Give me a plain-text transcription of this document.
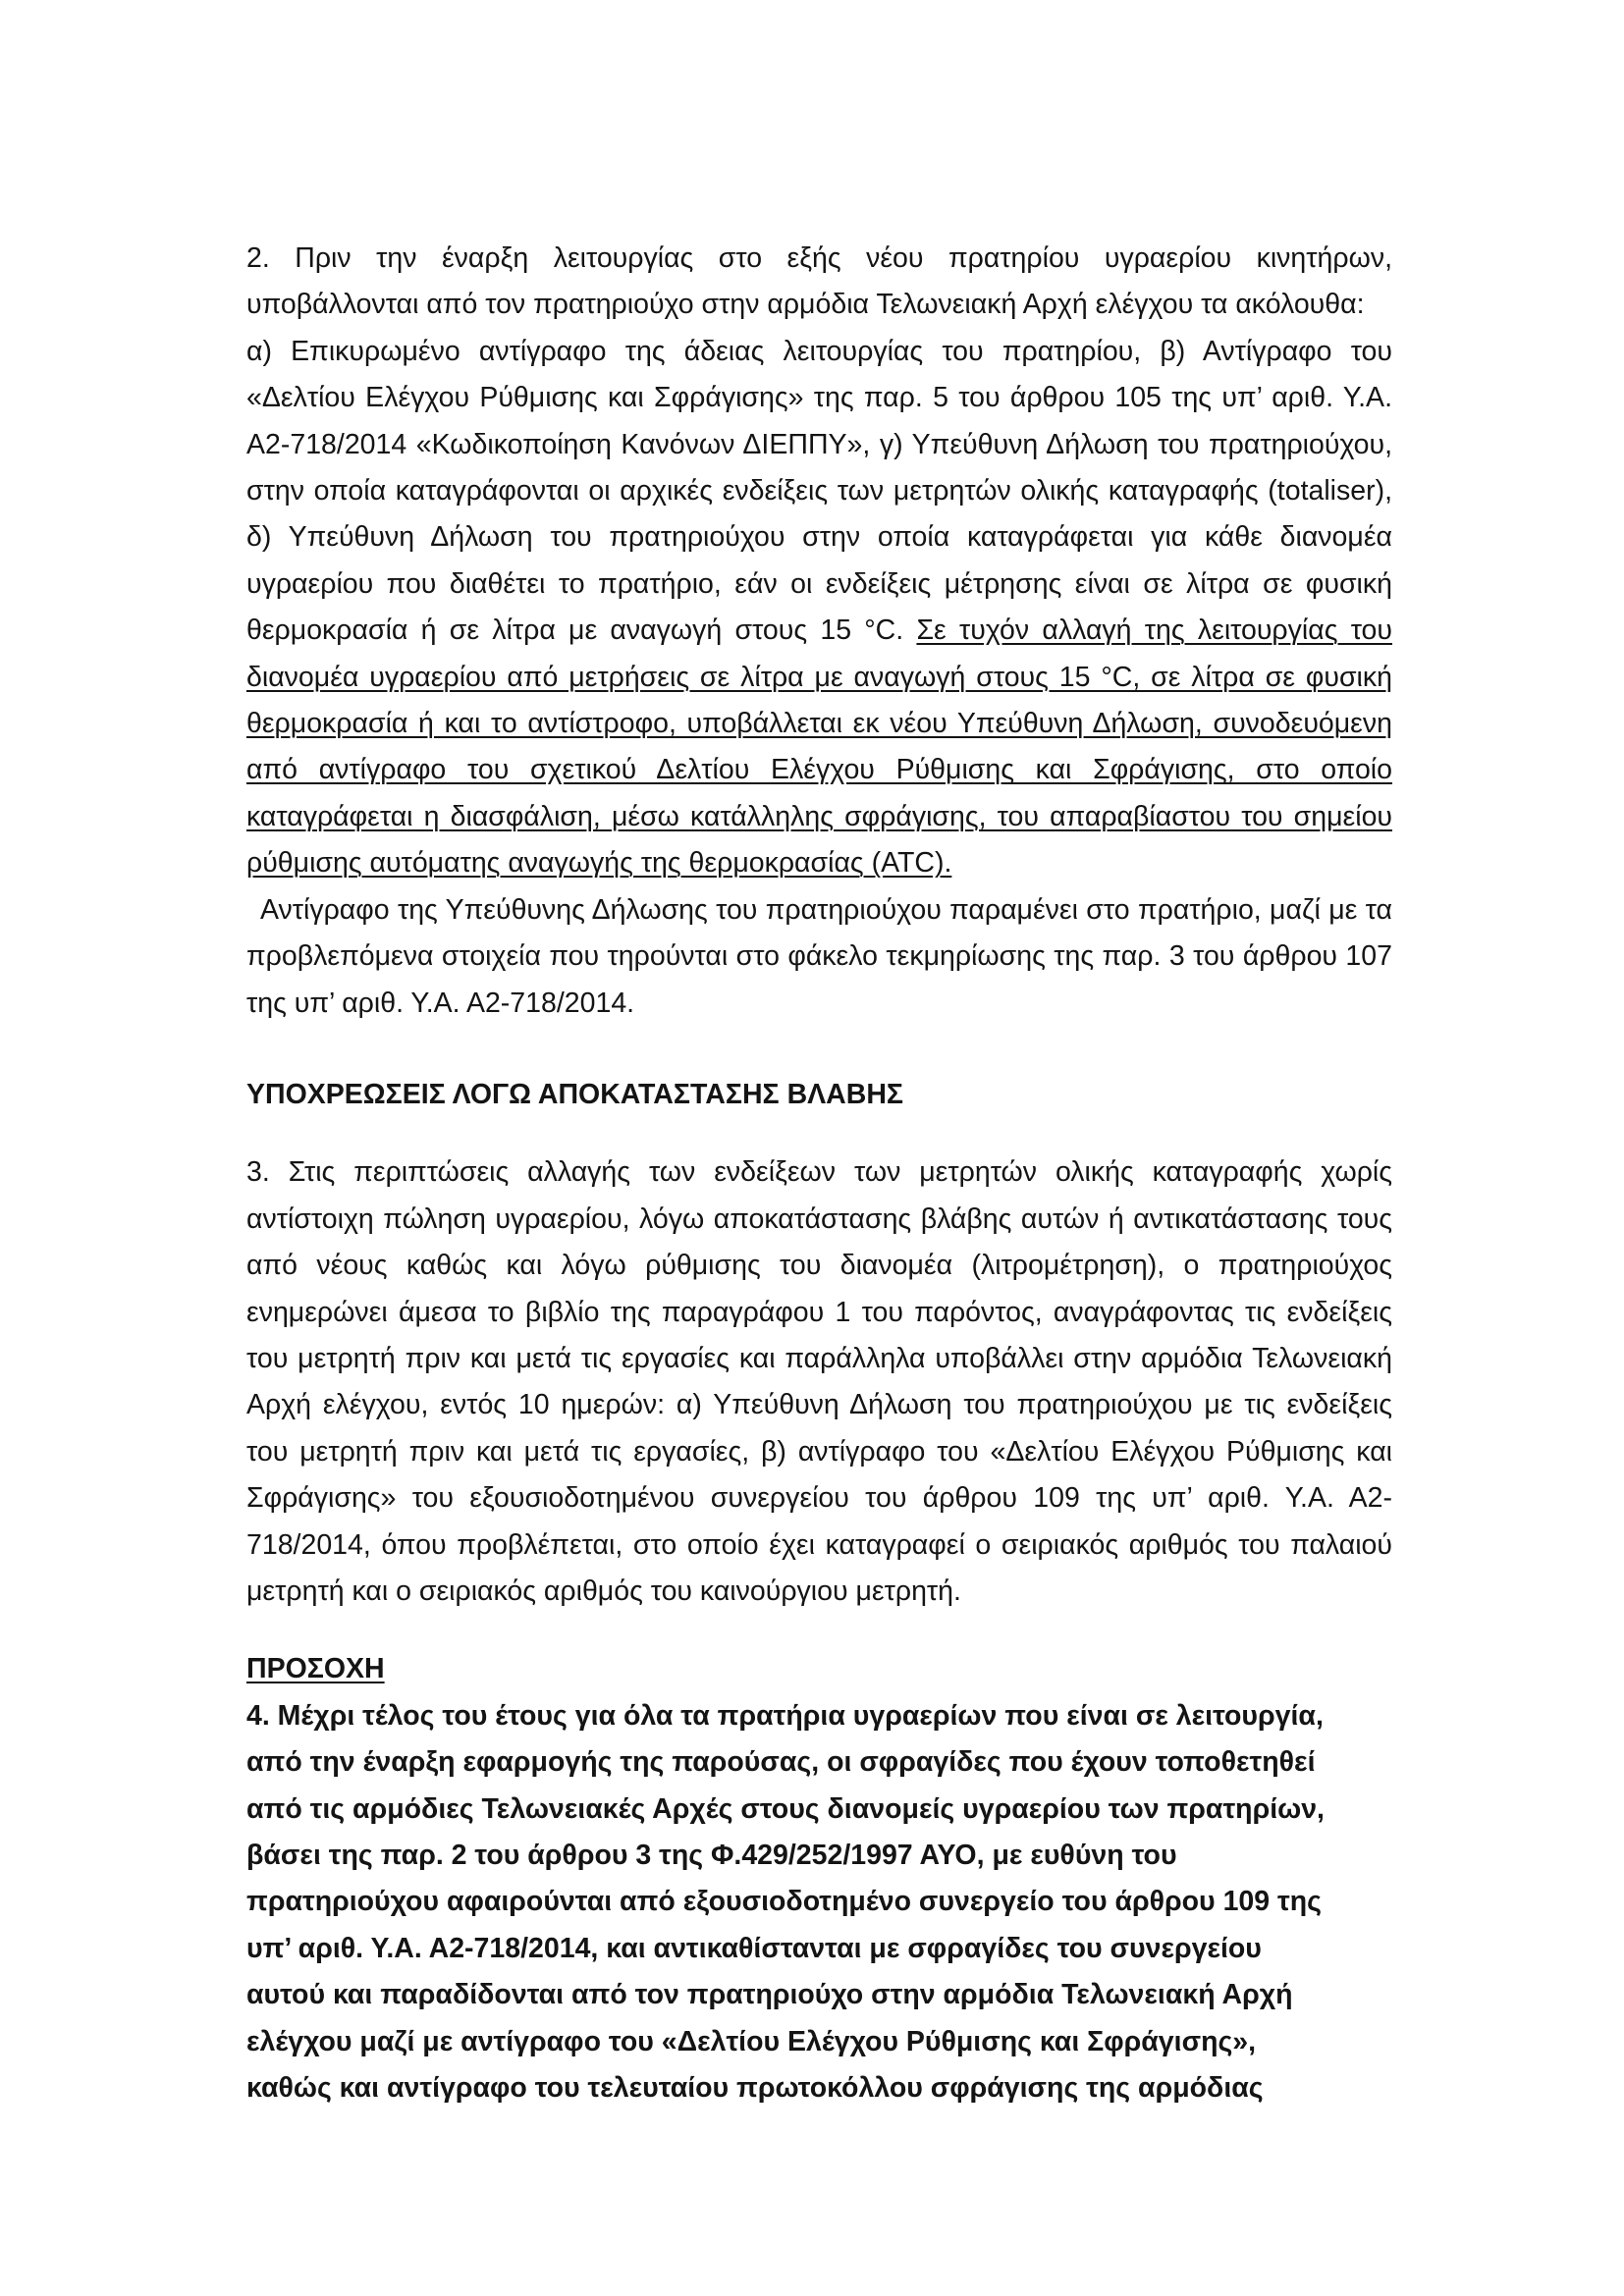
2. Πριν την έναρξη λειτουργίας στο εξής νέου πρατηρίου υγραερίου κινητήρων, υποβάλλονται από τον πρατηριούχο στην αρμόδια Τελωνειακή Αρχή ελέγχου τα ακόλουθα:

α) Επικυρωμένο αντίγραφο της άδειας λειτουργίας του πρατηρίου, β) Αντίγραφο του «Δελτίου Ελέγχου Ρύθμισης και Σφράγισης» της παρ. 5 του άρθρου 105 της υπ’ αριθ. Υ.Α. Α2-718/2014 «Κωδικοποίηση Κανόνων ΔΙΕΠΠΥ», γ) Υπεύθυνη Δήλωση του πρατηριούχου, στην οποία καταγράφονται οι αρχικές ενδείξεις των μετρητών ολικής καταγραφής (totaliser), δ) Υπεύθυνη Δήλωση του πρατηριούχου στην οποία καταγράφεται για κάθε διανομέα υγραερίου που διαθέτει το πρατήριο, εάν οι ενδείξεις μέτρησης είναι σε λίτρα σε φυσική θερμοκρασία ή σε λίτρα με αναγωγή στους 15 °C. Σε τυχόν αλλαγή της λειτουργίας του διανομέα υγραερίου από μετρήσεις σε λίτρα με αναγωγή στους 15 °C, σε λίτρα σε φυσική θερμοκρασία ή και το αντίστροφο, υποβάλλεται εκ νέου Υπεύθυνη Δήλωση, συνοδευόμενη από αντίγραφο του σχετικού Δελτίου Ελέγχου Ρύθμισης και Σφράγισης, στο οποίο καταγράφεται η διασφάλιση, μέσω κατάλληλης σφράγισης, του απαραβίαστου του σημείου ρύθμισης αυτόματης αναγωγής της θερμοκρασίας (ATC).

Αντίγραφο της Υπεύθυνης Δήλωσης του πρατηριούχου παραμένει στο πρατήριο, μαζί με τα προβλεπόμενα στοιχεία που τηρούνται στο φάκελο τεκμηρίωσης της παρ. 3 του άρθρου 107 της υπ’ αριθ. Υ.Α. Α2-718/2014.

ΥΠΟΧΡΕΩΣΕΙΣ ΛΟΓΩ ΑΠΟΚΑΤΑΣΤΑΣΗΣ ΒΛΑΒΗΣ

3. Στις περιπτώσεις αλλαγής των ενδείξεων των μετρητών ολικής καταγραφής χωρίς αντίστοιχη πώληση υγραερίου, λόγω αποκατάστασης βλάβης αυτών ή αντικατάστασης τους από νέους καθώς και λόγω ρύθμισης του διανομέα (λιτρομέτρηση), ο πρατηριούχος ενημερώνει άμεσα το βιβλίο της παραγράφου 1 του παρόντος, αναγράφοντας τις ενδείξεις του μετρητή πριν και μετά τις εργασίες και παράλληλα υποβάλλει στην αρμόδια Τελωνειακή Αρχή ελέγχου, εντός 10 ημερών: α) Υπεύθυνη Δήλωση του πρατηριούχου με τις ενδείξεις του μετρητή πριν και μετά τις εργασίες, β) αντίγραφο του «Δελτίου Ελέγχου Ρύθμισης και Σφράγισης» του εξουσιοδοτημένου συνεργείου του άρθρου 109 της υπ’ αριθ. Υ.Α. Α2-718/2014, όπου προβλέπεται, στο οποίο έχει καταγραφεί ο σειριακός αριθμός του παλαιού μετρητή και ο σειριακός αριθμός του καινούργιου μετρητή.

ΠΡΟΣΟΧΗ

4. Μέχρι τέλος του έτους για όλα τα πρατήρια υγραερίων που είναι σε λειτουργία,
από την έναρξη εφαρμογής της παρούσας, οι σφραγίδες που έχουν τοποθετηθεί
από τις αρμόδιες Τελωνειακές Αρχές στους διανομείς υγραερίου των πρατηρίων,
βάσει της παρ. 2 του άρθρου 3 της Φ.429/252/1997 ΑΥΟ, με ευθύνη του
πρατηριούχου αφαιρούνται από εξουσιοδοτημένο συνεργείο του άρθρου 109 της
υπ’ αριθ. Υ.Α. Α2-718/2014, και αντικαθίστανται με σφραγίδες του συνεργείου
αυτού και παραδίδονται από τον πρατηριούχο στην αρμόδια Τελωνειακή Αρχή
ελέγχου μαζί με αντίγραφο του «Δελτίου Ελέγχου Ρύθμισης και Σφράγισης»,
καθώς και αντίγραφο του τελευταίου πρωτοκόλλου σφράγισης της αρμόδιας
